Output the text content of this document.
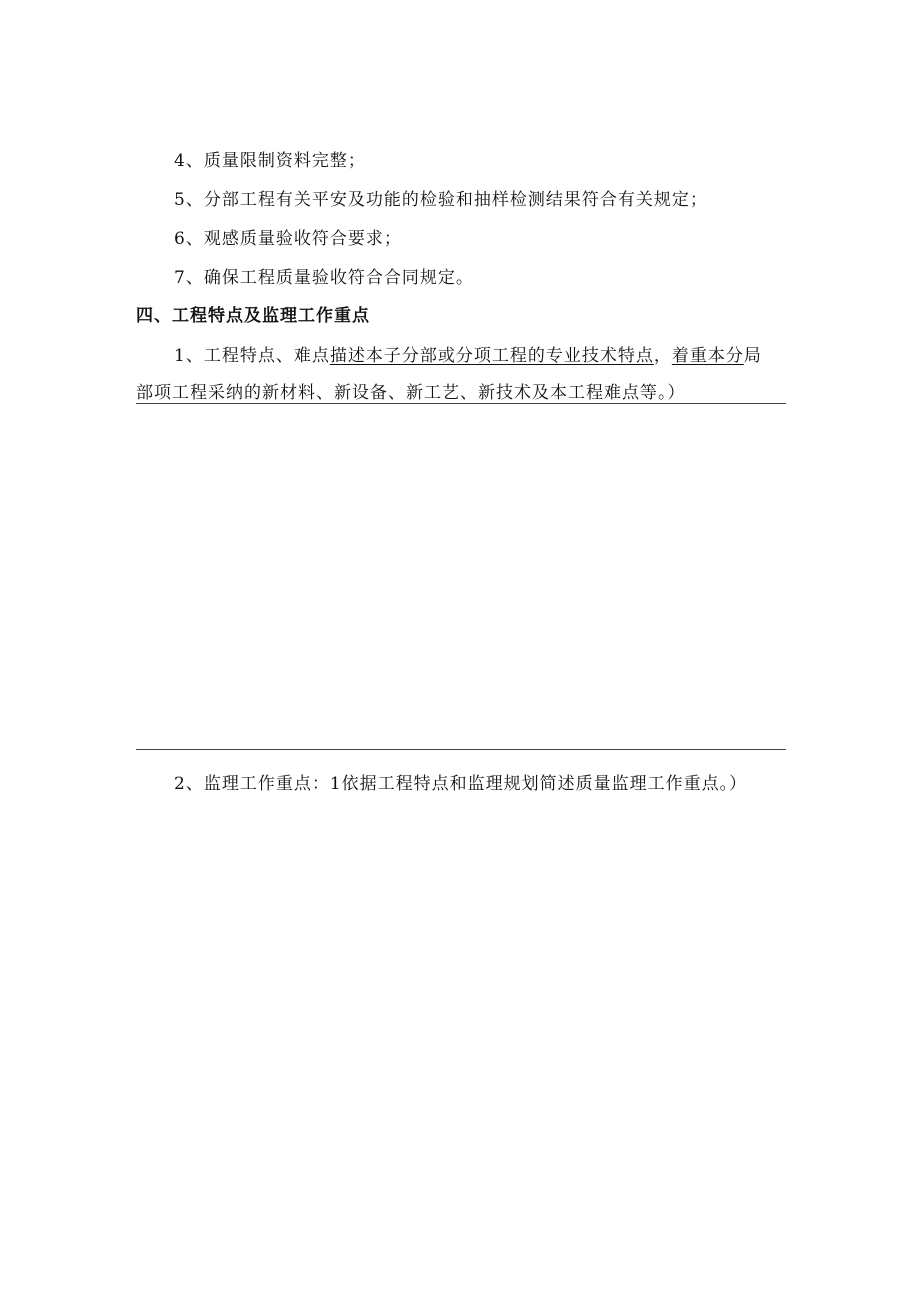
4、质量限制资料完整；
5、分部工程有关平安及功能的检验和抽样检测结果符合有关规定；
6、观感质量验收符合要求；
7、确保工程质量验收符合合同规定。
四、工程特点及监理工作重点
1、工程特点、难点描述本子分部或分项工程的专业技术特点，着重本分局
部项工程采纳的新材料、新设备、新工艺、新技术及本工程难点等。）
2、监理工作重点：1依据工程特点和监理规划简述质量监理工作重点。）
